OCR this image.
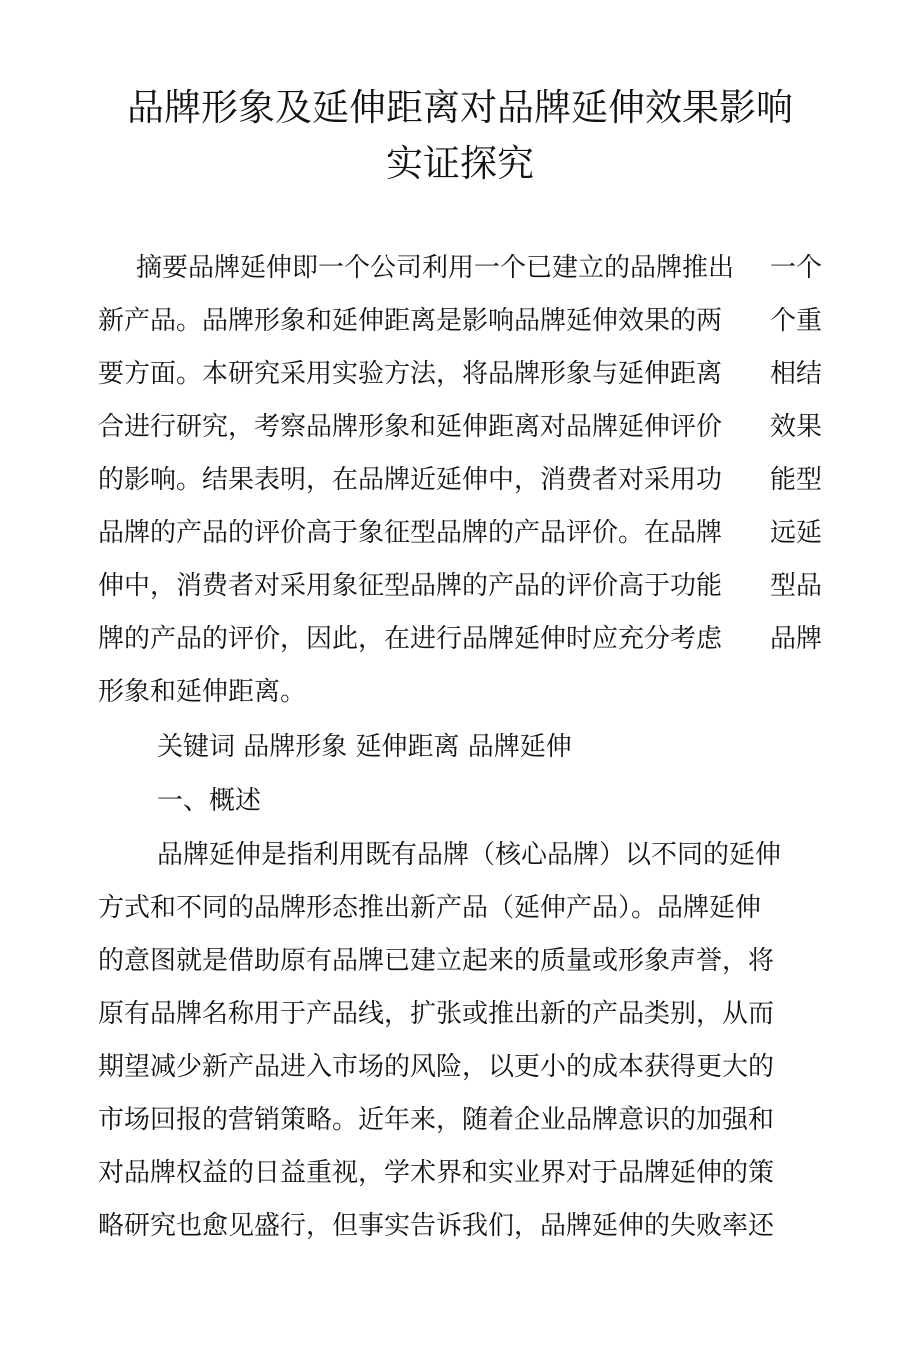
品牌形象及延伸距离对品牌延伸效果影响
实证探究
摘要品牌延伸即一个公司利用一个已建立的品牌推出 一个
新产品。品牌形象和延伸距离是影响品牌延伸效果的两 个重
要方面。本研究采用实验方法，将品牌形象与延伸距离 相结
合进行研究，考察品牌形象和延伸距离对品牌延伸评价 效果
的影响。结果表明，在品牌近延伸中，消费者对采用功 能型
品牌的产品的评价高于象征型品牌的产品评价。在品牌 远延
伸中，消费者对采用象征型品牌的产品的评价高于功能 型品
牌的产品的评价，因此，在进行品牌延伸时应充分考虑 品牌
形象和延伸距离。
关键词 品牌形象 延伸距离 品牌延伸
一、概述
品牌延伸是指利用既有品牌（核心品牌）以不同的延伸
方式和不同的品牌形态推出新产品（延伸产品）。品牌延伸
的意图就是借助原有品牌已建立起来的质量或形象声誉，将
原有品牌名称用于产品线，扩张或推出新的产品类别，从而
期望减少新产品进入市场的风险，以更小的成本获得更大的
市场回报的营销策略。近年来，随着企业品牌意识的加强和
对品牌权益的日益重视，学术界和实业界对于品牌延伸的策
略研究也愈见盛行，但事实告诉我们，品牌延伸的失败率还
